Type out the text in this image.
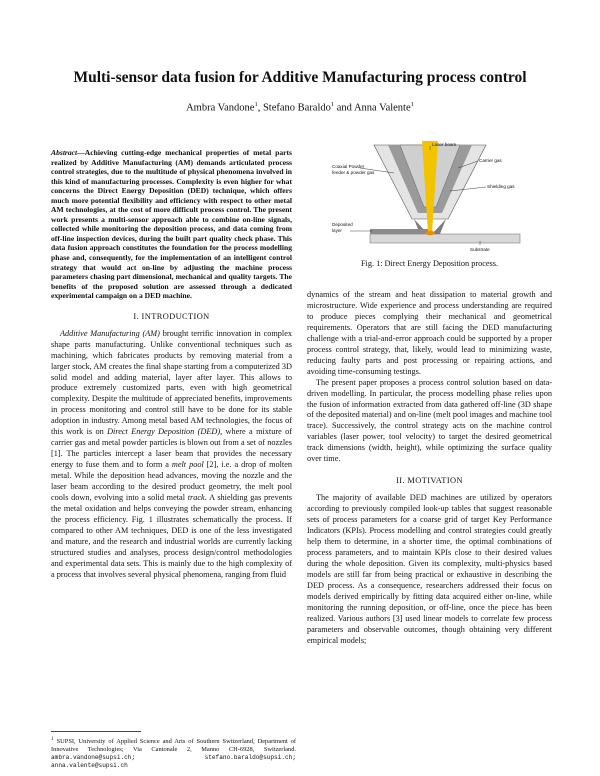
Multi-sensor data fusion for Additive Manufacturing process control
Ambra Vandone$^1$, Stefano Baraldo$^1$ and Anna Valente$^1$

Abstract—Achieving cutting-edge mechanical properties of metal parts realized by Additive Manufacturing (AM) demands articulated process control strategies, due to the multitude of physical phenomena involved in this kind of manufacturing processes. Complexity is even higher for what concerns the Direct Energy Deposition (DED) technique, which offers much more potential flexibility and efficiency with respect to other metal AM technologies, at the cost of more difficult process control. The present work presents a multi-sensor approach able to combine on-line signals, collected while monitoring the deposition process, and data coming from off-line inspection devices, during the built part quality check phase. This data fusion approach constitutes the foundation for the process modelling phase and, consequently, for the implementation of an intelligent control strategy that would act on-line by adjusting the machine process parameters chasing part dimensional, mechanical and quality targets. The benefits of the proposed solution are assessed through a dedicated experimental campaign on a DED machine.

I. INTRODUCTION

Additive Manufacturing (AM) brought terrific innovation in complex shape parts manufacturing. Unlike conventional techniques such as machining, which fabricates products by removing material from a larger stock, AM creates the final shape starting from a computerized 3D solid model and adding material, layer after layer. This allows to produce extremely customized parts, even with high geometrical complexity. Despite the multitude of appreciated benefits, improvements in process monitoring and control still have to be done for its stable adoption in industry. Among metal based AM technologies, the focus of this work is on Direct Energy Deposition (DED), where a mixture of carrier gas and metal powder particles is blown out from a set of nozzles [1]. The particles intercept a laser beam that provides the necessary energy to fuse them and to form a melt pool [2], i.e. a drop of molten metal. While the deposition head advances, moving the nozzle and the laser beam according to the desired product geometry, the melt pool cools down, evolving into a solid metal track. A shielding gas prevents the metal oxidation and helps conveying the powder stream, enhancing the process efficiency. Fig. 1 illustrates schematically the process. If compared to other AM techniques, DED is one of the less investigated and mature, and the research and industrial worlds are currently lacking structured studies and analyses, process design/control methodologies and experimental data sets. This is mainly due to the high complexity of a process that involves several physical phenomena, ranging from fluid

$^1$ SUPSI, University of Applied Science and Arts of Southern Switzerland, Department of Innovative Technologies; Via Cantonale 2, Manno CH-6928, Switzerland. ambra.vandone@supsi.ch; stefano.baraldo@supsi.ch; anna.valente@supsi.ch
Laser beam
Coaxial Powder
feeder & powder gas
Carrier gas
Shielding gas
Deposited
layer
Substrate
Fig. 1: Direct Energy Deposition process.

dynamics of the stream and heat dissipation to material growth and microstructure. Wide experience and process understanding are required to produce pieces complying their mechanical and geometrical requirements. Operators that are still facing the DED manufacturing challenge with a trial-and-error approach could be supported by a proper process control strategy, that, likely, would lead to minimizing waste, reducing faulty parts and post processing or repairing actions, and avoiding time-consuming testings.

The present paper proposes a process control solution based on data-driven modelling. In particular, the process modelling phase relies upon the fusion of information extracted from data gathered off-line (3D shape of the deposited material) and on-line (melt pool images and machine tool trace). Successively, the control strategy acts on the machine control variables (laser power, tool velocity) to target the desired geometrical track dimensions (width, height), while optimizing the surface quality over time.

II. MOTIVATION

The majority of available DED machines are utilized by operators according to previously compiled look-up tables that suggest reasonable sets of process parameters for a coarse grid of target Key Performance Indicators (KPIs). Process modelling and control strategies could greatly help them to determine, in a shorter time, the optimal combinations of process parameters, and to maintain KPIs close to their desired values during the whole deposition. Given its complexity, multi-physics based models are still far from being practical or exhaustive in describing the DED process. As a consequence, researchers addressed their focus on models derived empirically by fitting data acquired either on-line, while monitoring the running deposition, or off-line, once the piece has been realized. Various authors [3] used linear models to correlate few process parameters and observable outcomes, though obtaining very different empirical models;
